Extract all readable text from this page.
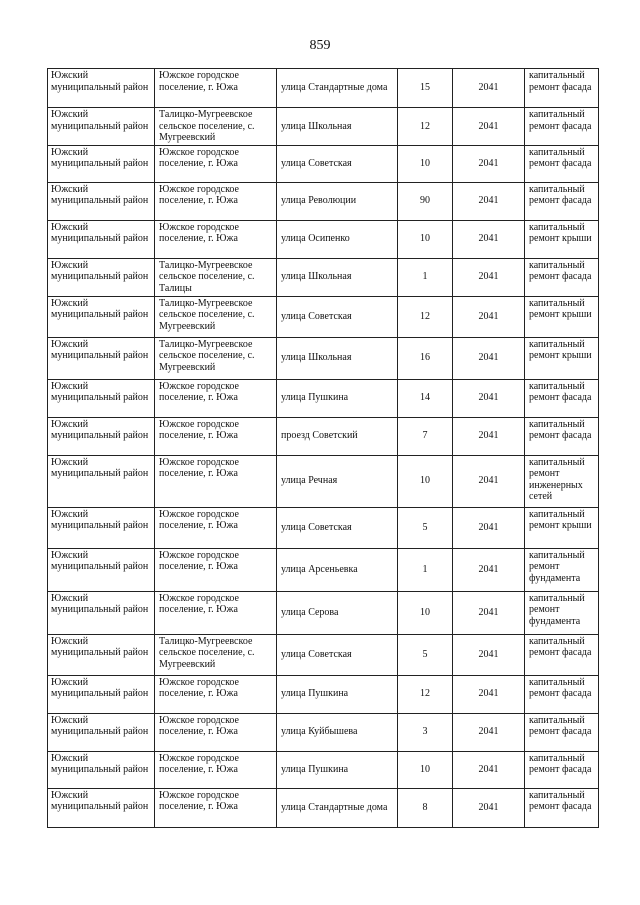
859
Южский муниципальный район	Южское городское поселение, г. Южа	улица Стандартные дома	15	2041	капитальный ремонт фасада
Южский муниципальный район	Талицко-Мугреевское сельское поселение, с. Мугреевский	улица Школьная	12	2041	капитальный ремонт фасада
Южский муниципальный район	Южское городское поселение, г. Южа	улица Советская	10	2041	капитальный ремонт фасада
Южский муниципальный район	Южское городское поселение, г. Южа	улица Революции	90	2041	капитальный ремонт фасада
Южский муниципальный район	Южское городское поселение, г. Южа	улица Осипенко	10	2041	капитальный ремонт крыши
Южский муниципальный район	Талицко-Мугреевское сельское поселение, с. Талицы	улица Школьная	1	2041	капитальный ремонт фасада
Южский муниципальный район	Талицко-Мугреевское сельское поселение, с. Мугреевский	улица Советская	12	2041	капитальный ремонт крыши
Южский муниципальный район	Талицко-Мугреевское сельское поселение, с. Мугреевский	улица Школьная	16	2041	капитальный ремонт крыши
Южский муниципальный район	Южское городское поселение, г. Южа	улица Пушкина	14	2041	капитальный ремонт фасада
Южский муниципальный район	Южское городское поселение, г. Южа	проезд Советский	7	2041	капитальный ремонт фасада
Южский муниципальный район	Южское городское поселение, г. Южа	улица Речная	10	2041	капитальный ремонт инженерных сетей
Южский муниципальный район	Южское городское поселение, г. Южа	улица Советская	5	2041	капитальный ремонт крыши
Южский муниципальный район	Южское городское поселение, г. Южа	улица Арсеньевка	1	2041	капитальный ремонт фундамента
Южский муниципальный район	Южское городское поселение, г. Южа	улица Серова	10	2041	капитальный ремонт фундамента
Южский муниципальный район	Талицко-Мугреевское сельское поселение, с. Мугреевский	улица Советская	5	2041	капитальный ремонт фасада
Южский муниципальный район	Южское городское поселение, г. Южа	улица Пушкина	12	2041	капитальный ремонт фасада
Южский муниципальный район	Южское городское поселение, г. Южа	улица Куйбышева	3	2041	капитальный ремонт фасада
Южский муниципальный район	Южское городское поселение, г. Южа	улица Пушкина	10	2041	капитальный ремонт фасада
Южский муниципальный район	Южское городское поселение, г. Южа	улица Стандартные дома	8	2041	капитальный ремонт фасада
